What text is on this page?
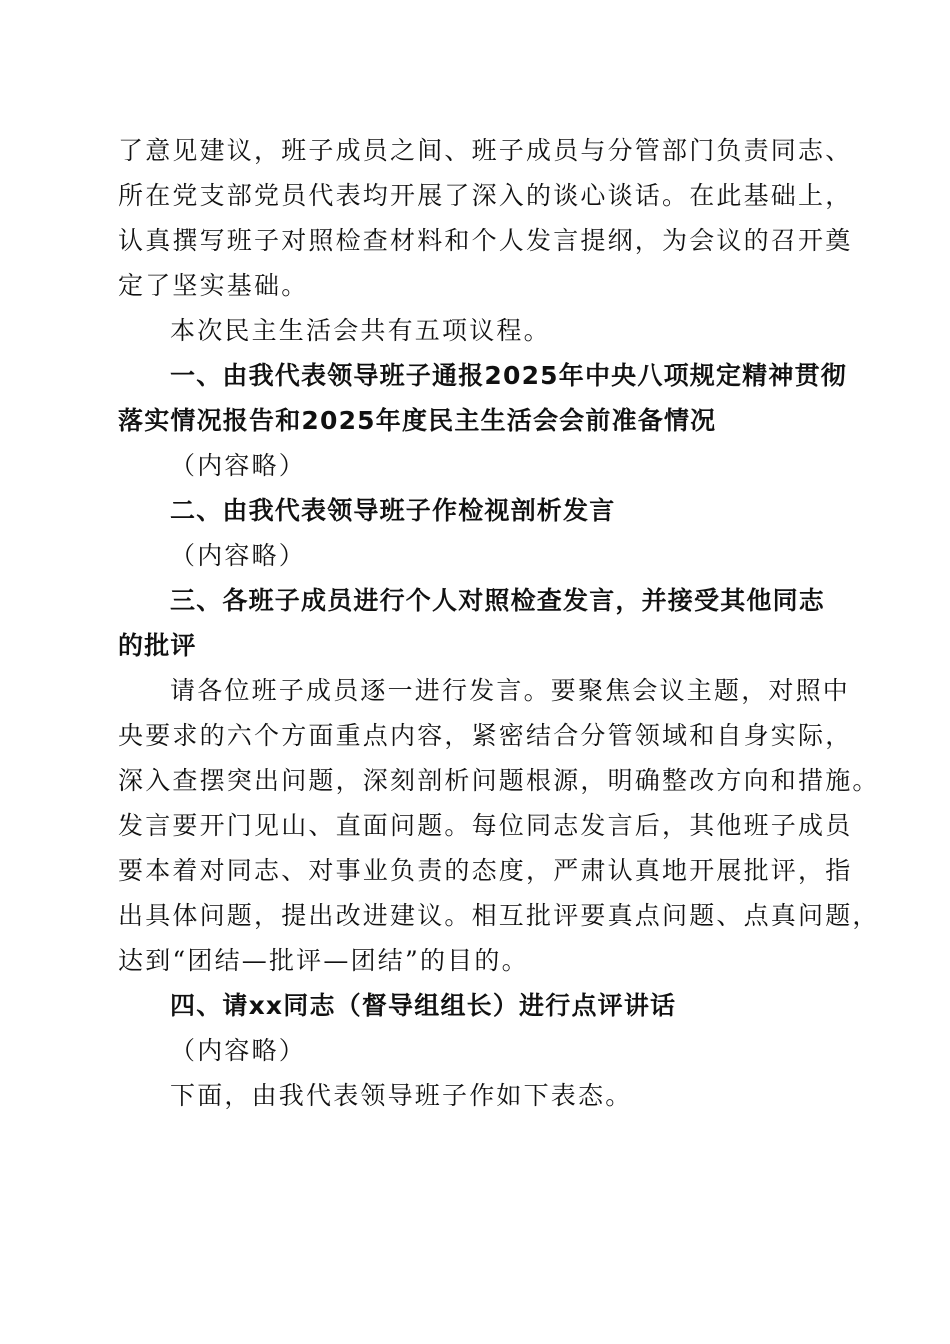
了意见建议，班子成员之间、班子成员与分管部门负责同志、
所在党支部党员代表均开展了深入的谈心谈话。在此基础上，
认真撰写班子对照检查材料和个人发言提纲，为会议的召开奠
定了坚实基础。
本次民主生活会共有五项议程。
一、由我代表领导班子通报2025年中央八项规定精神贯彻
落实情况报告和2025年度民主生活会会前准备情况
（内容略）
二、由我代表领导班子作检视剖析发言
（内容略）
三、各班子成员进行个人对照检查发言，并接受其他同志
的批评
请各位班子成员逐一进行发言。要聚焦会议主题，对照中
央要求的六个方面重点内容，紧密结合分管领域和自身实际，
深入查摆突出问题，深刻剖析问题根源，明确整改方向和措施。
发言要开门见山、直面问题。每位同志发言后，其他班子成员
要本着对同志、对事业负责的态度，严肃认真地开展批评，指
出具体问题，提出改进建议。相互批评要真点问题、点真问题，
达到“团结—批评—团结”的目的。
四、请xx同志（督导组组长）进行点评讲话
（内容略）
下面，由我代表领导班子作如下表态。
